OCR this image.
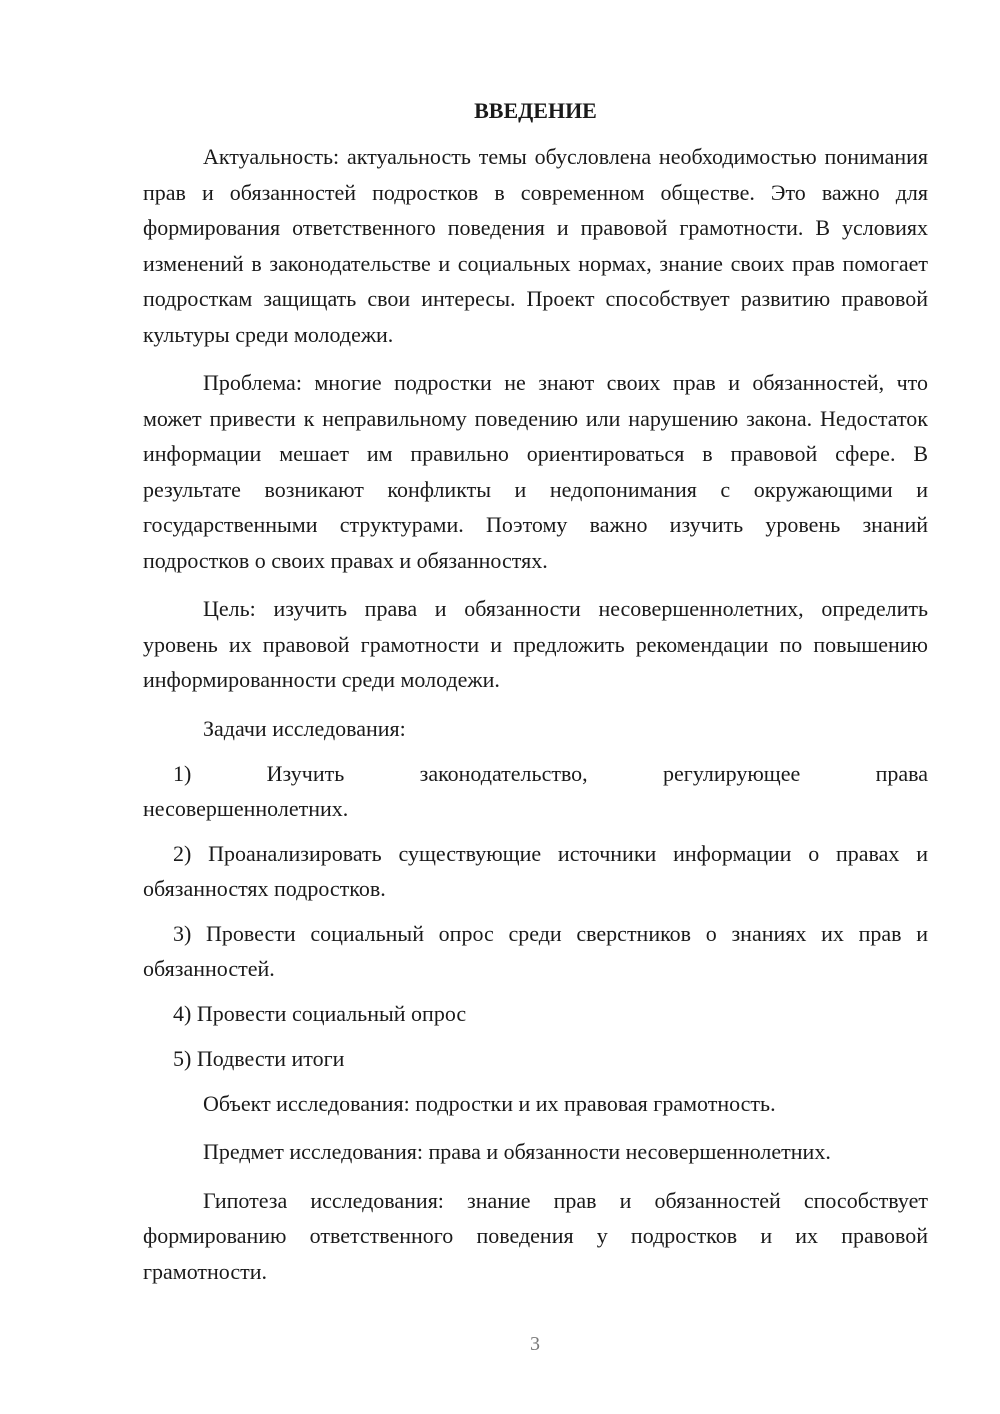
ВВЕДЕНИЕ

Актуальность: актуальность темы обусловлена необходимостью понимания прав и обязанностей подростков в современном обществе. Это важно для формирования ответственного поведения и правовой грамотности. В условиях изменений в законодательстве и социальных нормах, знание своих прав помогает подросткам защищать свои интересы. Проект способствует развитию правовой культуры среди молодежи.

Проблема: многие подростки не знают своих прав и обязанностей, что может привести к неправильному поведению или нарушению закона. Недостаток информации мешает им правильно ориентироваться в правовой сфере. В результате возникают конфликты и недопонимания с окружающими и государственными структурами. Поэтому важно изучить уровень знаний подростков о своих правах и обязанностях.

Цель: изучить права и обязанности несовершеннолетних, определить уровень их правовой грамотности и предложить рекомендации по повышению информированности среди молодежи.

Задачи исследования:

1)	Изучить	законодательство,	регулирующее	права
несовершеннолетних.

2) Проанализировать существующие источники информации о правах и обязанностях подростков.

3) Провести социальный опрос среди сверстников о знаниях их прав и обязанностей.

4) Провести социальный опрос

5) Подвести итоги

Объект исследования: подростки и их правовая грамотность.

Предмет исследования: права и обязанности несовершеннолетних.

Гипотеза исследования: знание прав и обязанностей способствует формированию ответственного поведения у подростков и их правовой грамотности.

3
